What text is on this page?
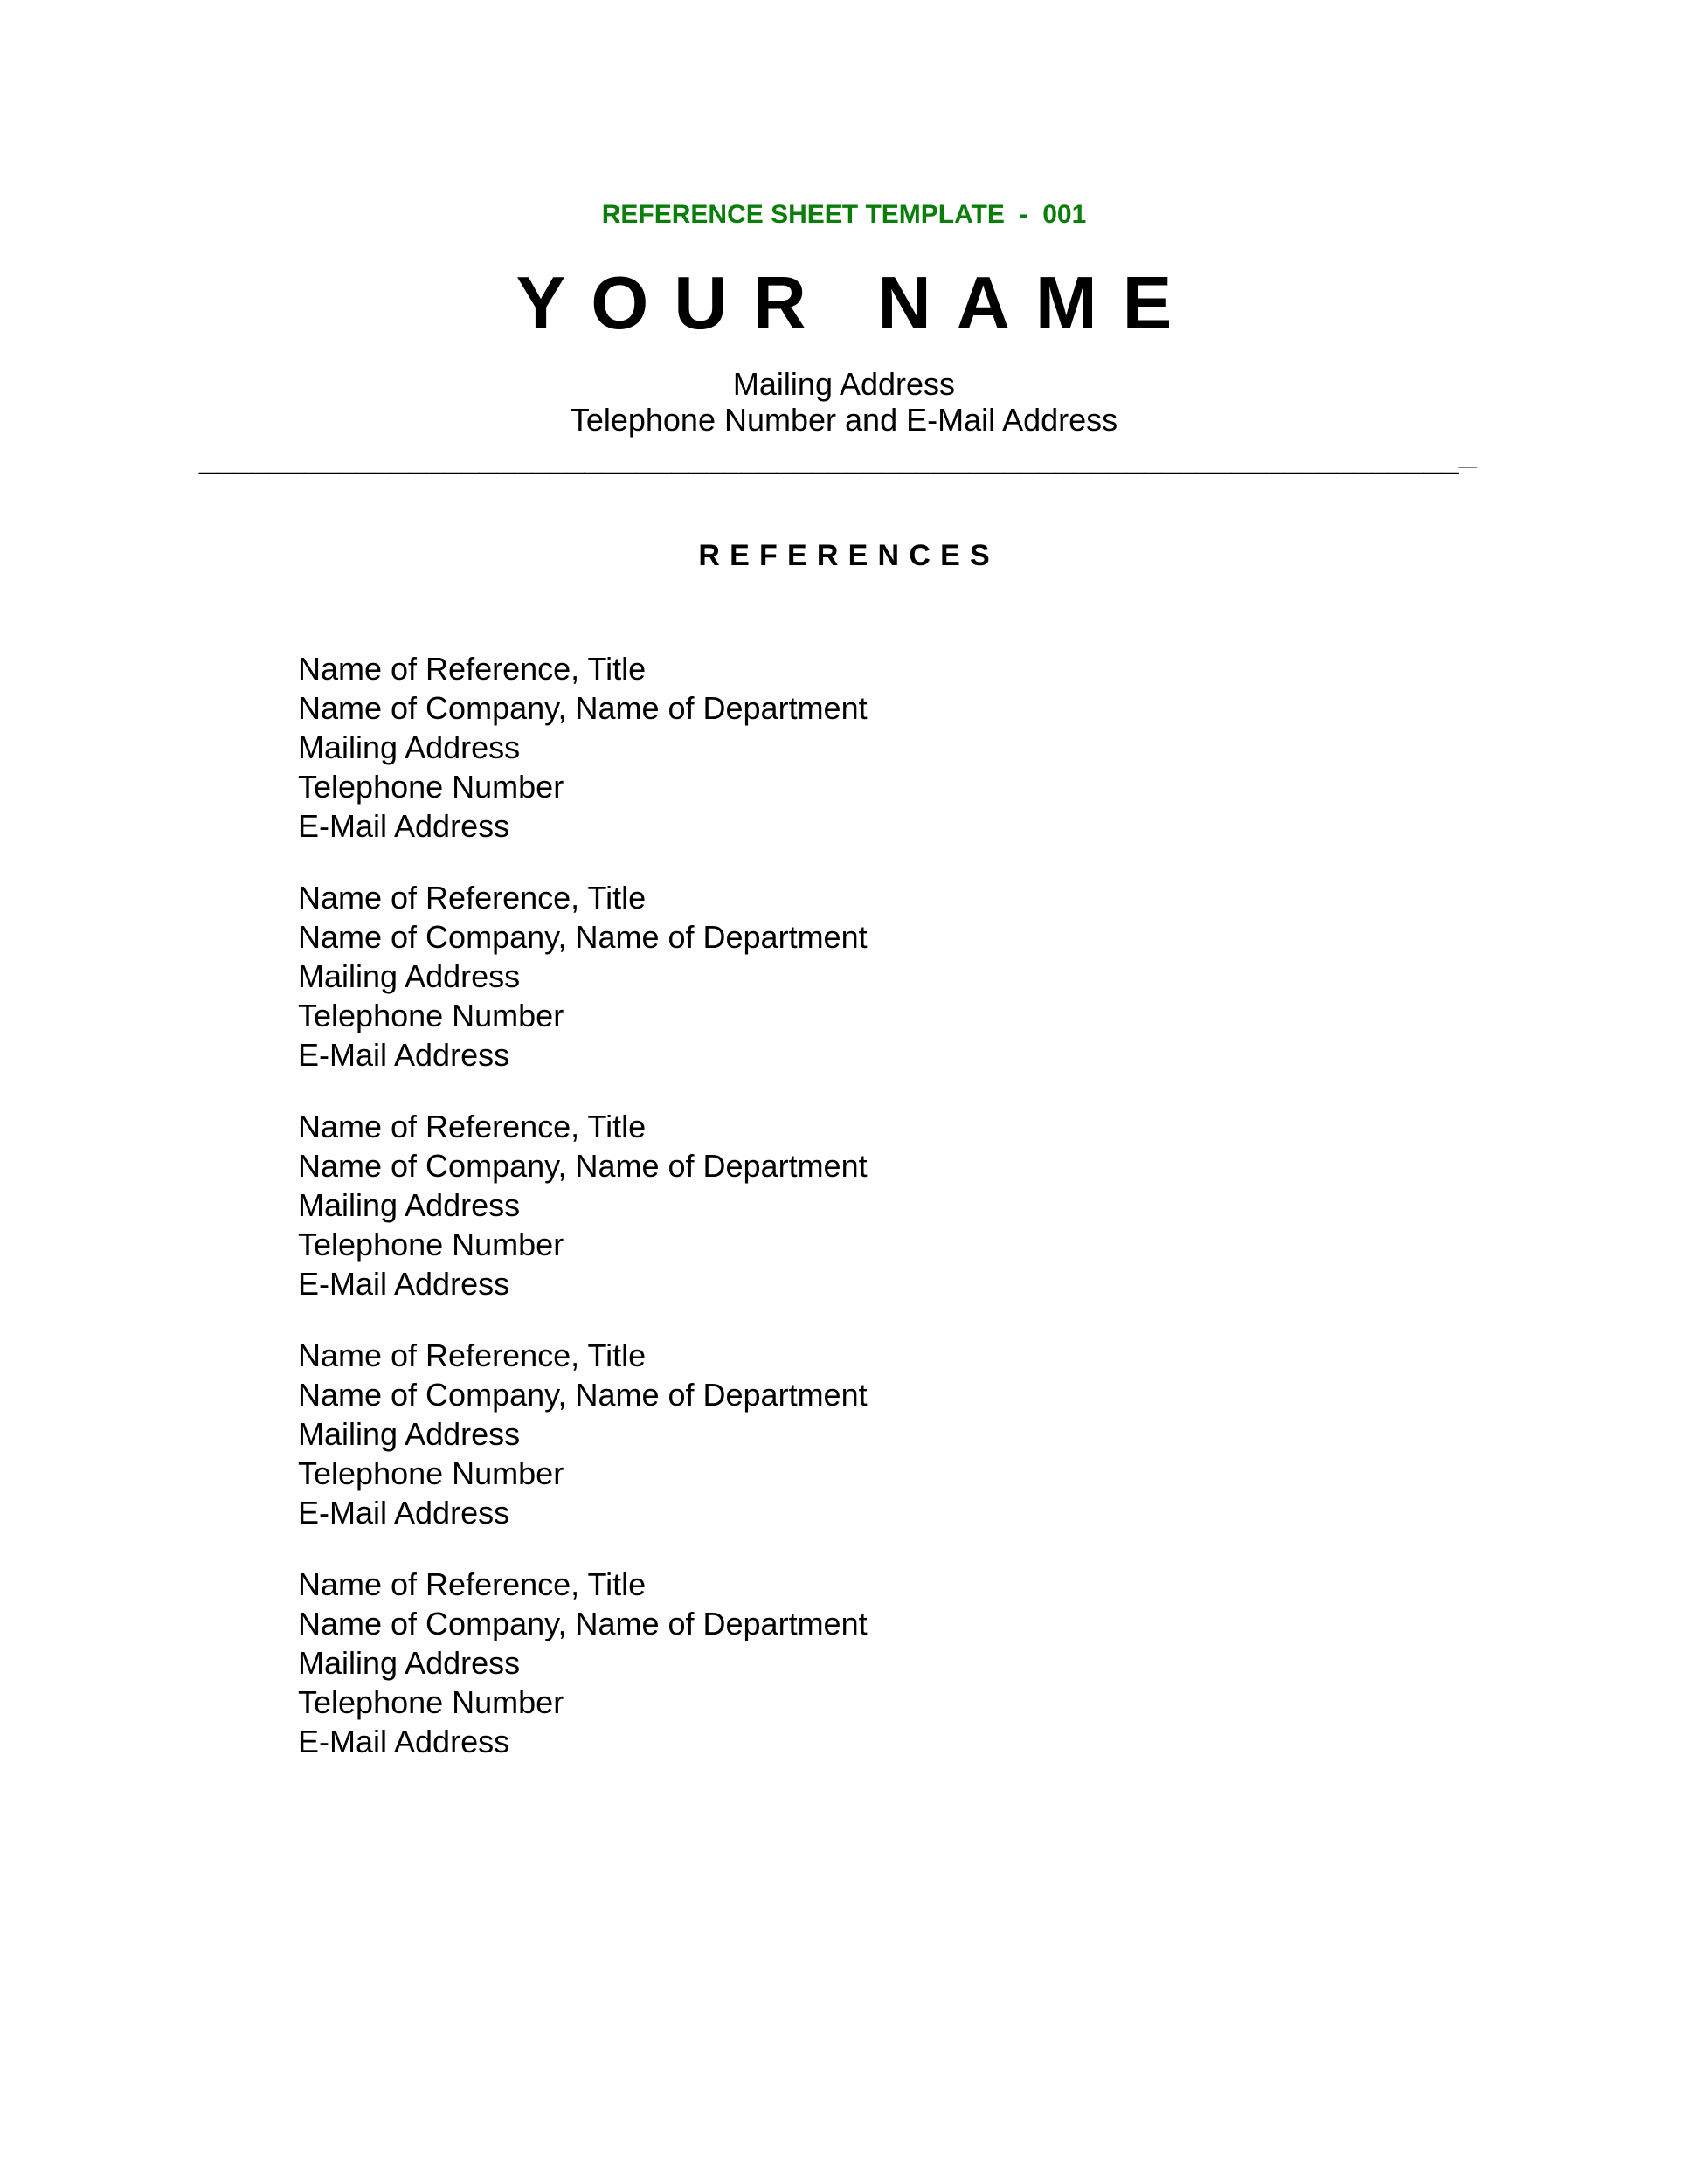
REFERENCE SHEET TEMPLATE  -  001
YOUR NAME
Mailing Address
Telephone Number and E-Mail Address
_________________________________________________________________________
REFERENCES
Name of Reference, Title
Name of Company, Name of Department
Mailing Address
Telephone Number
E-Mail Address
Name of Reference, Title
Name of Company, Name of Department
Mailing Address
Telephone Number
E-Mail Address
Name of Reference, Title
Name of Company, Name of Department
Mailing Address
Telephone Number
E-Mail Address
Name of Reference, Title
Name of Company, Name of Department
Mailing Address
Telephone Number
E-Mail Address
Name of Reference, Title
Name of Company, Name of Department
Mailing Address
Telephone Number
E-Mail Address
